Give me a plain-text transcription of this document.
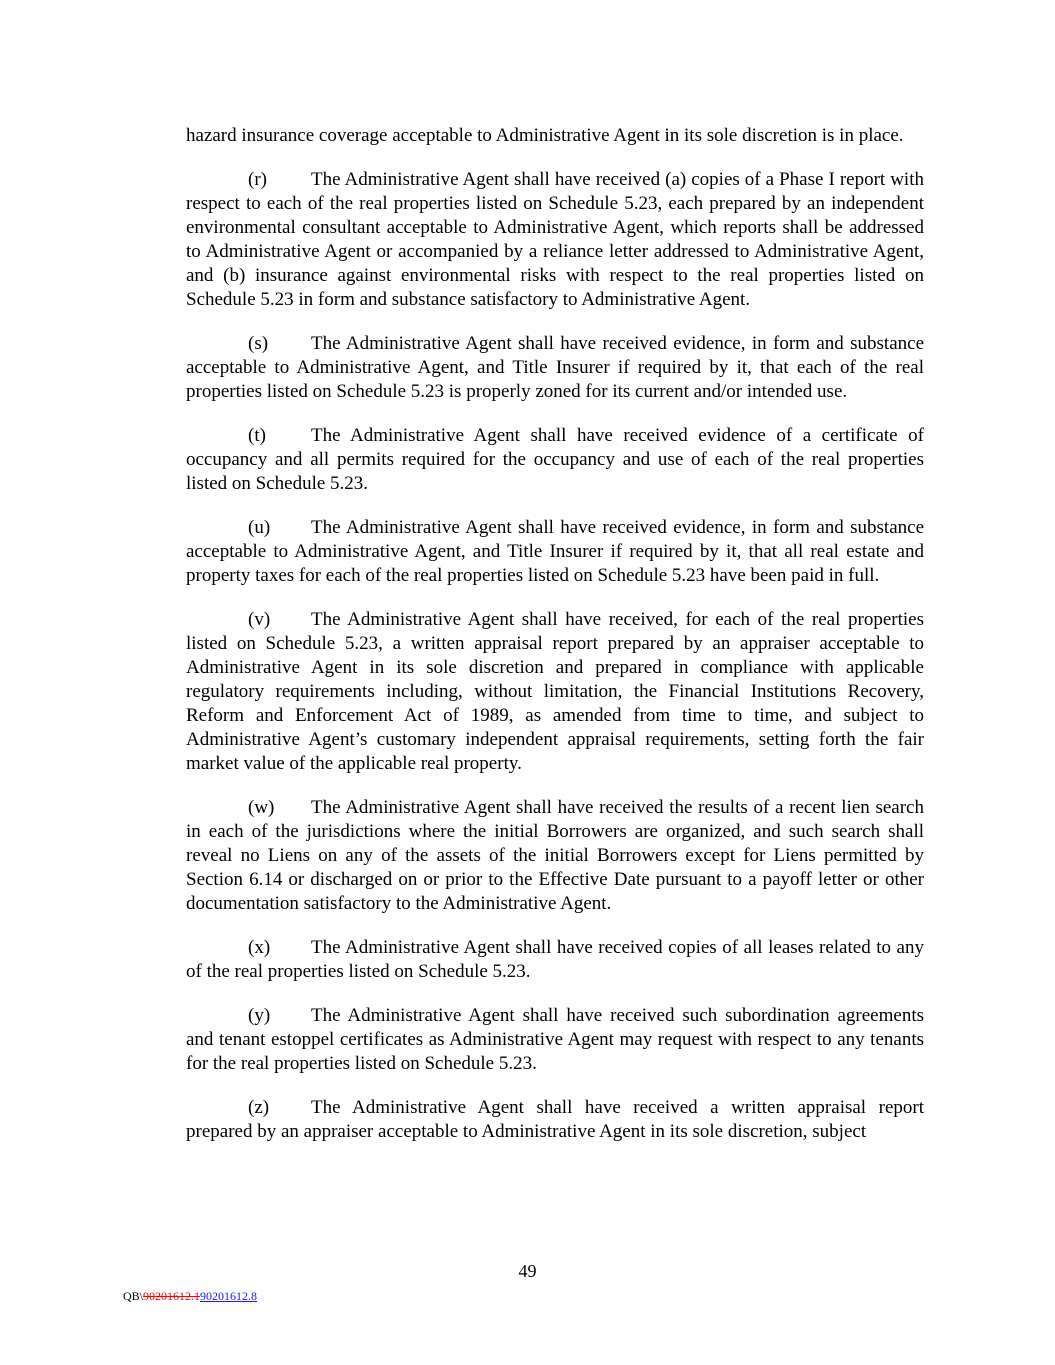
hazard insurance coverage acceptable to Administrative Agent in its sole discretion is in place.

(r) The Administrative Agent shall have received (a) copies of a Phase I report with respect to each of the real properties listed on Schedule 5.23, each prepared by an independent environmental consultant acceptable to Administrative Agent, which reports shall be addressed to Administrative Agent or accompanied by a reliance letter addressed to Administrative Agent, and (b) insurance against environmental risks with respect to the real properties listed on Schedule 5.23 in form and substance satisfactory to Administrative Agent.

(s) The Administrative Agent shall have received evidence, in form and substance acceptable to Administrative Agent, and Title Insurer if required by it, that each of the real properties listed on Schedule 5.23 is properly zoned for its current and/or intended use.

(t) The Administrative Agent shall have received evidence of a certificate of occupancy and all permits required for the occupancy and use of each of the real properties listed on Schedule 5.23.

(u) The Administrative Agent shall have received evidence, in form and substance acceptable to Administrative Agent, and Title Insurer if required by it, that all real estate and property taxes for each of the real properties listed on Schedule 5.23 have been paid in full.

(v) The Administrative Agent shall have received, for each of the real properties listed on Schedule 5.23, a written appraisal report prepared by an appraiser acceptable to Administrative Agent in its sole discretion and prepared in compliance with applicable regulatory requirements including, without limitation, the Financial Institutions Recovery, Reform and Enforcement Act of 1989, as amended from time to time, and subject to Administrative Agent’s customary independent appraisal requirements, setting forth the fair market value of the applicable real property.

(w) The Administrative Agent shall have received the results of a recent lien search in each of the jurisdictions where the initial Borrowers are organized, and such search shall reveal no Liens on any of the assets of the initial Borrowers except for Liens permitted by Section 6.14 or discharged on or prior to the Effective Date pursuant to a payoff letter or other documentation satisfactory to the Administrative Agent.

(x) The Administrative Agent shall have received copies of all leases related to any of the real properties listed on Schedule 5.23.

(y) The Administrative Agent shall have received such subordination agreements and tenant estoppel certificates as Administrative Agent may request with respect to any tenants for the real properties listed on Schedule 5.23.

(z) The Administrative Agent shall have received a written appraisal report prepared by an appraiser acceptable to Administrative Agent in its sole discretion, subject

49
QB\90201612.190201612.8
